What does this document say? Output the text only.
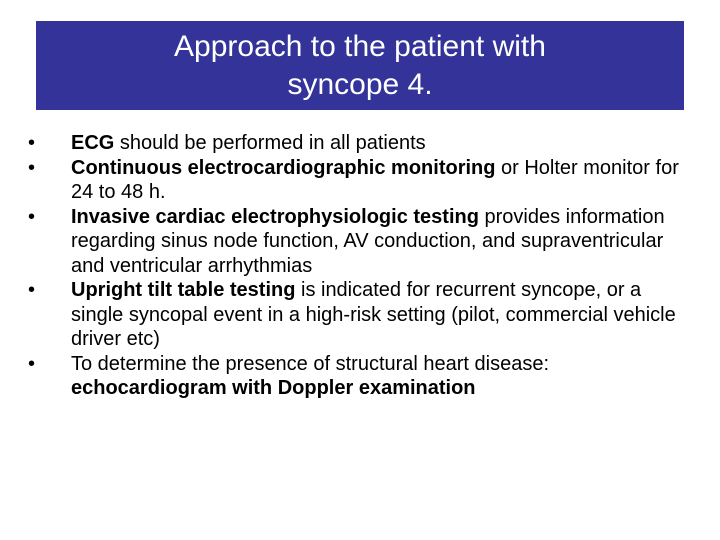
Approach to the patient with
syncope 4.
•	ECG should be performed in all patients
•	Continuous electrocardiographic monitoring or Holter monitor for 24 to 48 h.
•	Invasive cardiac electrophysiologic testing provides information regarding sinus node function, AV conduction, and supraventricular and ventricular arrhythmias
•	Upright tilt table testing is indicated for recurrent syncope, or a single syncopal event in a high-risk setting (pilot, commercial vehicle driver etc)
•	To determine the presence of structural heart disease: echocardiogram with Doppler examination
